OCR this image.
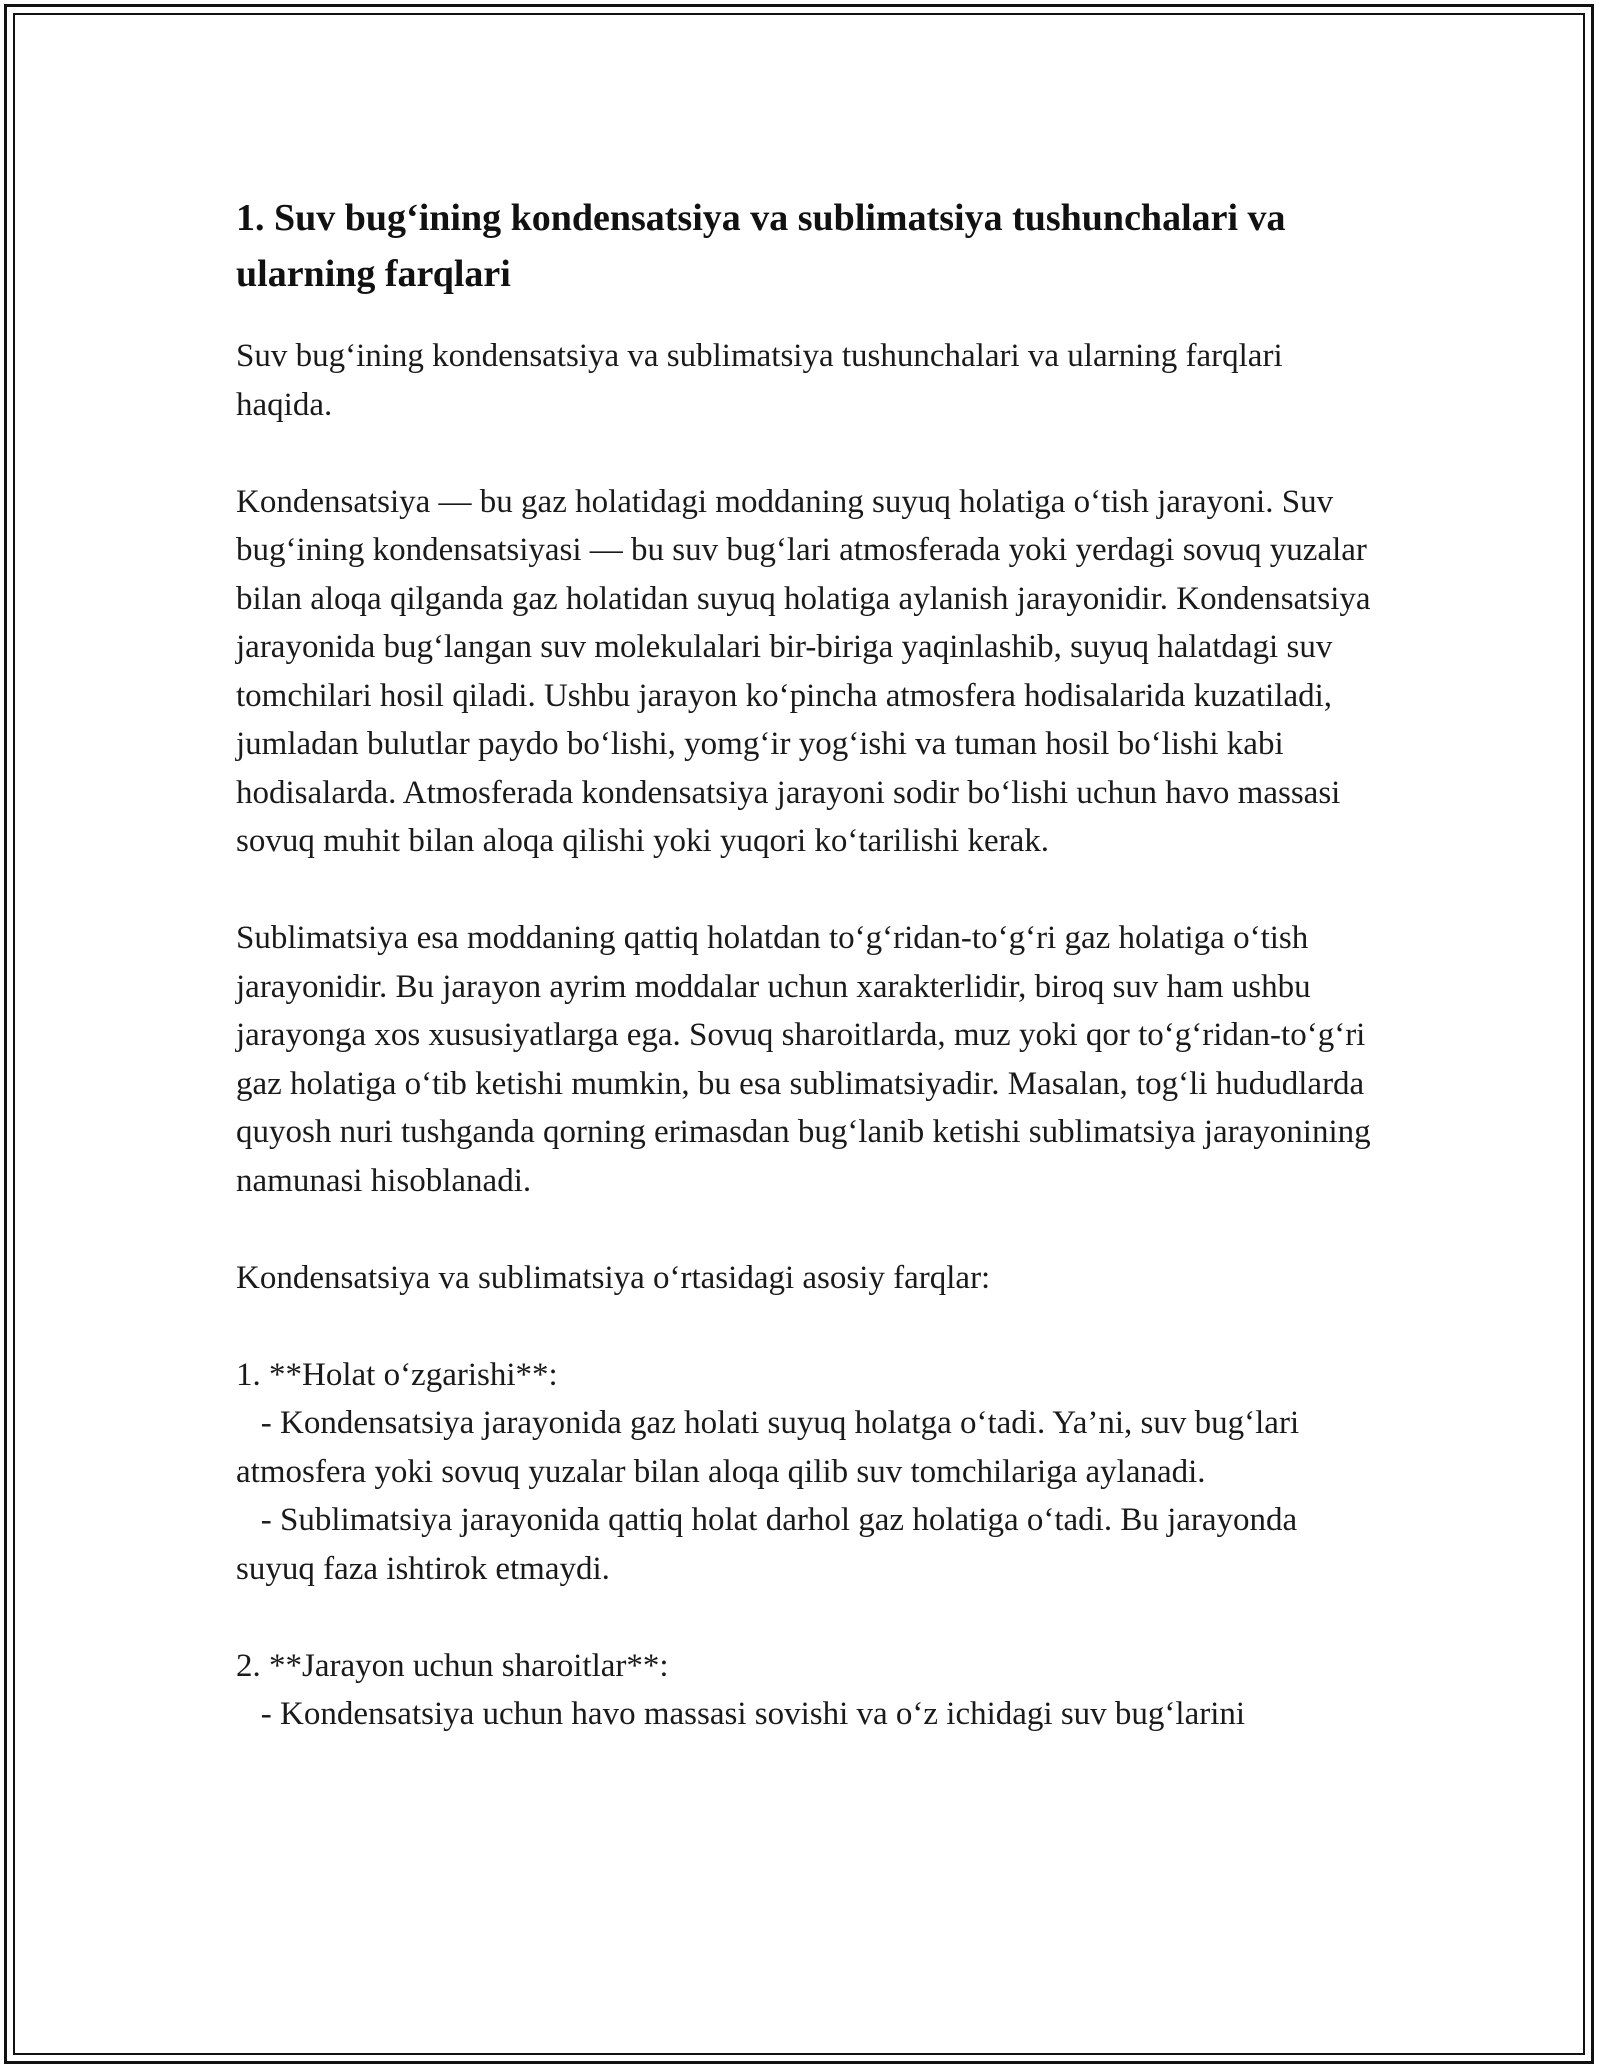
1. Suv bug‘ining kondensatsiya va sublimatsiya tushunchalari va ularning farqlari

Suv bug‘ining kondensatsiya va sublimatsiya tushunchalari va ularning farqlari haqida.

Kondensatsiya — bu gaz holatidagi moddaning suyuq holatiga o‘tish jarayoni. Suv bug‘ining kondensatsiyasi — bu suv bug‘lari atmosferada yoki yerdagi sovuq yuzalar bilan aloqa qilganda gaz holatidan suyuq holatiga aylanish jarayonidir. Kondensatsiya jarayonida bug‘langan suv molekulalari bir-biriga yaqinlashib, suyuq halatdagi suv tomchilari hosil qiladi. Ushbu jarayon ko‘pincha atmosfera hodisalarida kuzatiladi, jumladan bulutlar paydo bo‘lishi, yomg‘ir yog‘ishi va tuman hosil bo‘lishi kabi hodisalarda. Atmosferada kondensatsiya jarayoni sodir bo‘lishi uchun havo massasi sovuq muhit bilan aloqa qilishi yoki yuqori ko‘tarilishi kerak.

Sublimatsiya esa moddaning qattiq holatdan to‘g‘ridan-to‘g‘ri gaz holatiga o‘tish jarayonidir. Bu jarayon ayrim moddalar uchun xarakterlidir, biroq suv ham ushbu jarayonga xos xususiyatlarga ega. Sovuq sharoitlarda, muz yoki qor to‘g‘ridan-to‘g‘ri gaz holatiga o‘tib ketishi mumkin, bu esa sublimatsiyadir. Masalan, tog‘li hududlarda quyosh nuri tushganda qorning erimasdan bug‘lanib ketishi sublimatsiya jarayonining namunasi hisoblanadi.

Kondensatsiya va sublimatsiya o‘rtasidagi asosiy farqlar:

1. **Holat o‘zgarishi**:
- Kondensatsiya jarayonida gaz holati suyuq holatga o‘tadi. Ya’ni, suv bug‘lari atmosfera yoki sovuq yuzalar bilan aloqa qilib suv tomchilariga aylanadi.
- Sublimatsiya jarayonida qattiq holat darhol gaz holatiga o‘tadi. Bu jarayonda suyuq faza ishtirok etmaydi.
2. **Jarayon uchun sharoitlar**:
- Kondensatsiya uchun havo massasi sovishi va o‘z ichidagi suv bug‘larini
